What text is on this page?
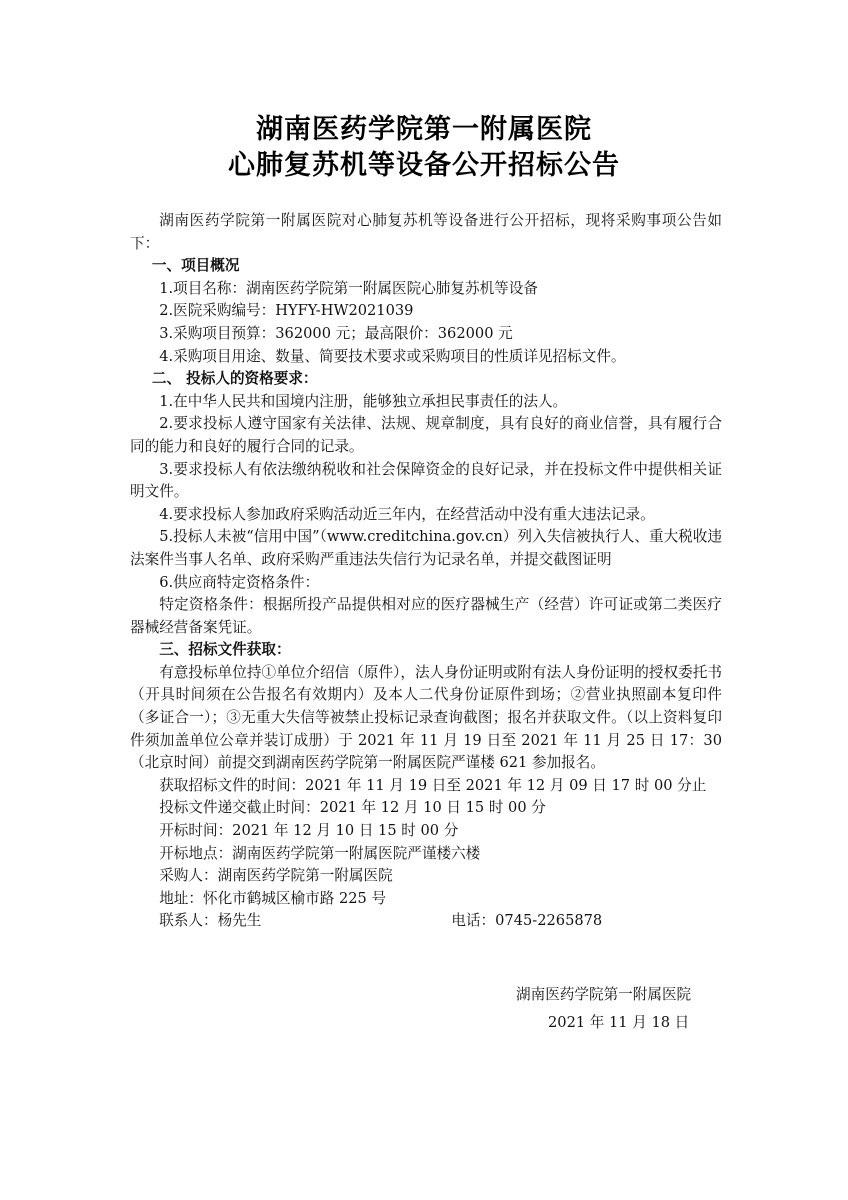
湖南医药学院第一附属医院
心肺复苏机等设备公开招标公告

湖南医药学院第一附属医院对心肺复苏机等设备进行公开招标，现将采购事项公告如下：

一、项目概况

1.项目名称：湖南医药学院第一附属医院心肺复苏机等设备

2.医院采购编号：HYFY-HW2021039

3.采购项目预算：362000 元；最高限价：362000 元

4.采购项目用途、数量、简要技术要求或采购项目的性质详见招标文件。

二、 投标人的资格要求：

1.在中华人民共和国境内注册，能够独立承担民事责任的法人。

2.要求投标人遵守国家有关法律、法规、规章制度，具有良好的商业信誉，具有履行合同的能力和良好的履行合同的记录。

3.要求投标人有依法缴纳税收和社会保障资金的良好记录，并在投标文件中提供相关证明文件。

4.要求投标人参加政府采购活动近三年内，在经营活动中没有重大违法记录。

5.投标人未被“信用中国”（www.creditchina.gov.cn）列入失信被执行人、重大税收违法案件当事人名单、政府采购严重违法失信行为记录名单，并提交截图证明

6.供应商特定资格条件：

特定资格条件：根据所投产品提供相对应的医疗器械生产（经营）许可证或第二类医疗器械经营备案凭证。

三、招标文件获取：

有意投标单位持①单位介绍信（原件），法人身份证明或附有法人身份证明的授权委托书（开具时间须在公告报名有效期内）及本人二代身份证原件到场；②营业执照副本复印件（多证合一）；③无重大失信等被禁止投标记录查询截图；报名并获取文件。（以上资料复印件须加盖单位公章并装订成册）于 2021 年 11 月 19 日至 2021 年 11 月 25 日 17：30（北京时间）前提交到湖南医药学院第一附属医院严谨楼 621 参加报名。

获取招标文件的时间：2021 年 11 月 19 日至 2021 年 12 月 09 日 17 时 00 分止

投标文件递交截止时间：2021 年 12 月 10 日 15 时 00 分

开标时间：2021 年 12 月 10 日 15 时 00 分

开标地点：湖南医药学院第一附属医院严谨楼六楼

采购人：湖南医药学院第一附属医院

地址：怀化市鹤城区榆市路 225 号

联系人：杨先生	电话：0745-2265878

湖南医药学院第一附属医院
2021 年 11 月 18 日
